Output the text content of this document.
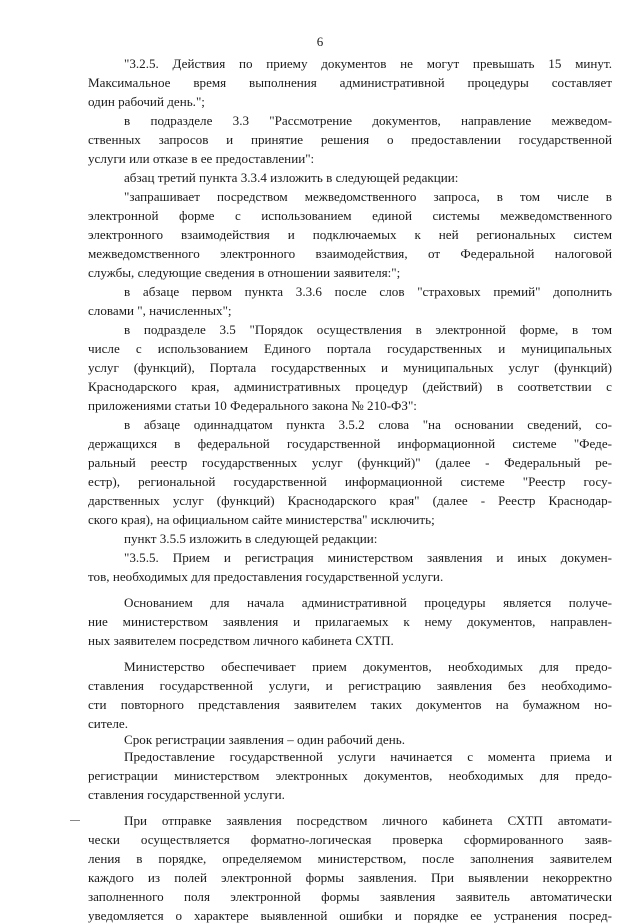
6
"3.2.5. Действия по приему документов не могут превышать 15 минут.
Максимальное время выполнения административной процедуры составляет
один рабочий день.";
в подразделе 3.3 "Рассмотрение документов, направление межведом-
ственных запросов и принятие решения о предоставлении государственной
услуги или отказе в ее предоставлении":
абзац третий пункта 3.3.4 изложить в следующей редакции:
"запрашивает посредством межведомственного запроса, в том числе в
электронной форме с использованием единой системы межведомственного
электронного взаимодействия и подключаемых к ней региональных систем
межведомственного электронного взаимодействия, от Федеральной налоговой
службы, следующие сведения в отношении заявителя:";
в абзаце первом пункта 3.3.6 после слов "страховых премий" дополнить
словами ", начисленных";
в подразделе 3.5 "Порядок осуществления в электронной форме, в том
числе с использованием Единого портала государственных и муниципальных
услуг (функций), Портала государственных и муниципальных услуг (функций)
Краснодарского края, административных процедур (действий) в соответствии с
приложениями статьи 10 Федерального закона № 210-ФЗ":
в абзаце одиннадцатом пункта 3.5.2 слова "на основании сведений, со-
держащихся в федеральной государственной информационной системе "Феде-
ральный реестр государственных услуг (функций)" (далее - Федеральный ре-
естр), региональной государственной информационной системе "Реестр госу-
дарственных услуг (функций) Краснодарского края" (далее - Реестр Краснодар-
ского края), на официальном сайте министерства" исключить;
пункт 3.5.5 изложить в следующей редакции:
"3.5.5. Прием и регистрация министерством заявления и иных докумен-
тов, необходимых для предоставления государственной услуги.
Основанием для начала административной процедуры является получе-
ние министерством заявления и прилагаемых к нему документов, направлен-
ных заявителем посредством личного кабинета СХТП.
Министерство обеспечивает прием документов, необходимых для предо-
ставления государственной услуги, и регистрацию заявления без необходимо-
сти повторного представления заявителем таких документов на бумажном но-
сителе.
Срок регистрации заявления – один рабочий день.
Предоставление государственной услуги начинается с момента приема и
регистрации министерством электронных документов, необходимых для предо-
ставления государственной услуги.
При отправке заявления посредством личного кабинета СХТП автомати-
чески осуществляется форматно-логическая проверка сформированного заяв-
ления в порядке, определяемом министерством, после заполнения заявителем
каждого из полей электронной формы заявления. При выявлении некорректно
заполненного поля электронной формы заявления заявитель автоматически
уведомляется о характере выявленной ошибки и порядке ее устранения посред-
